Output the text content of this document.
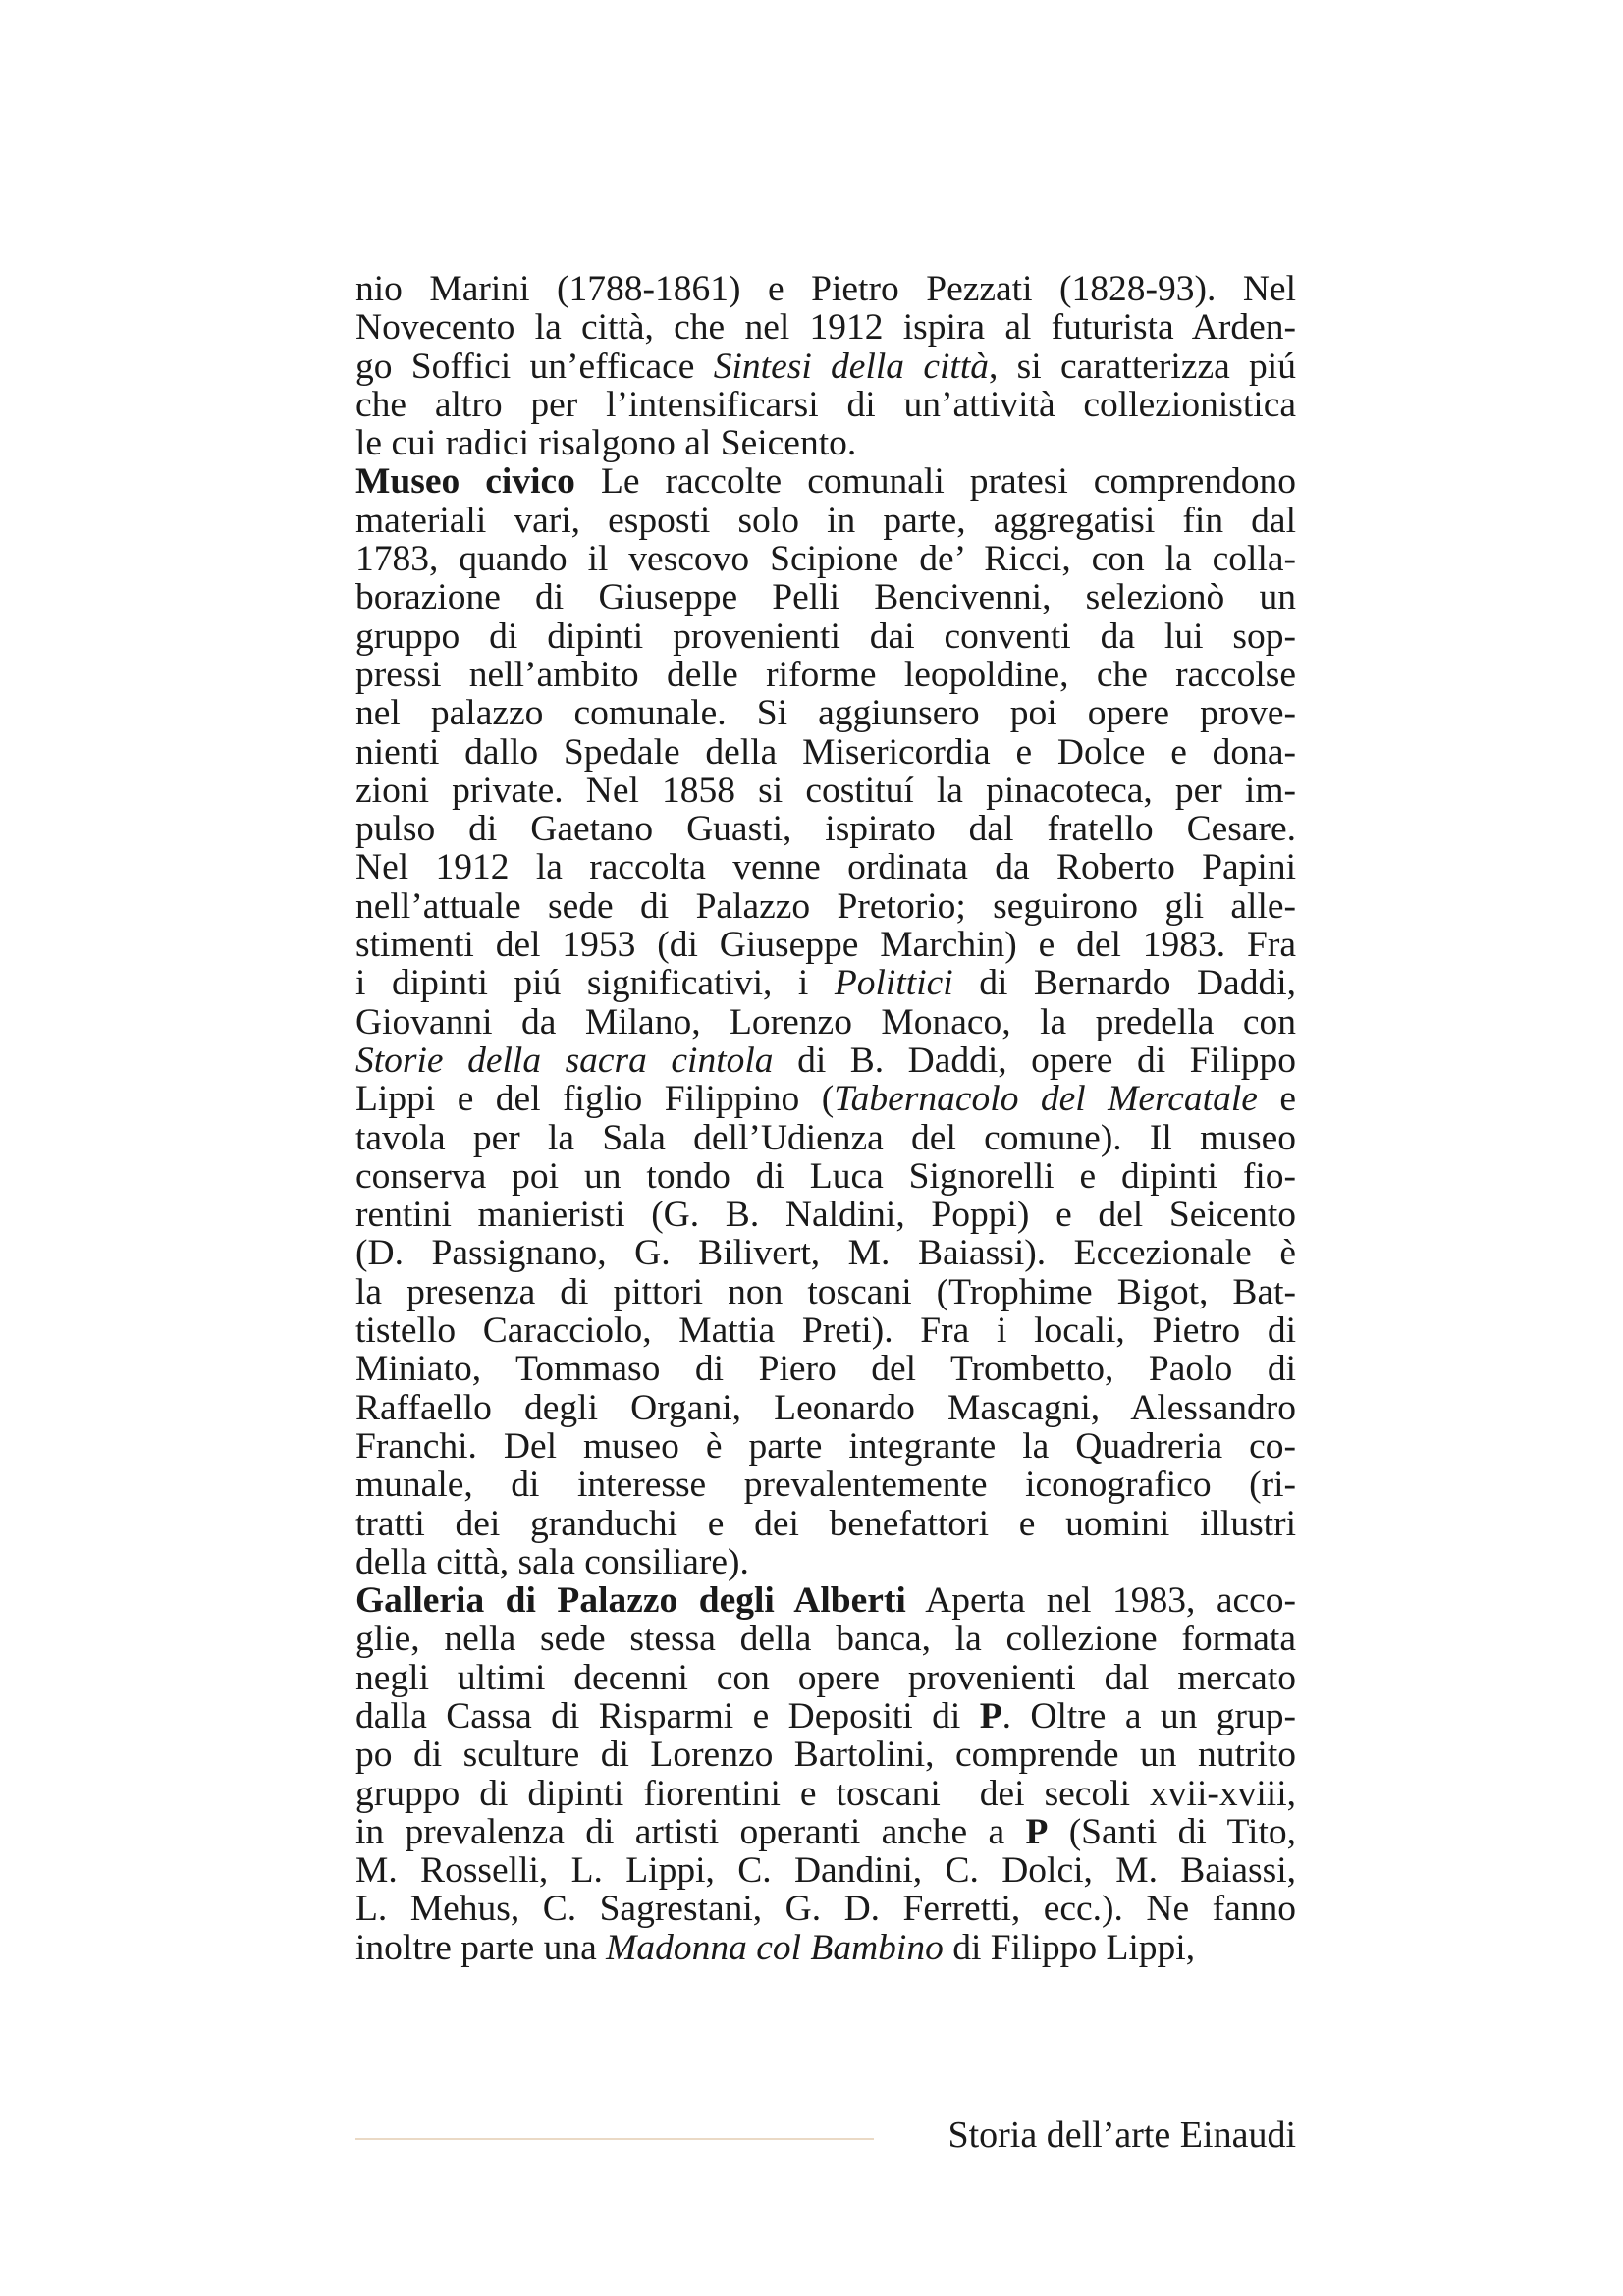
nio Marini (1788-1861) e Pietro Pezzati (1828-93). Nel
Novecento la città, che nel 1912 ispira al futurista Arden-
go Soffici un’efficace Sintesi della città, si caratterizza piú
che altro per l’intensificarsi di un’attività collezionistica
le cui radici risalgono al Seicento.
Museo civico Le raccolte comunali pratesi comprendono
materiali vari, esposti solo in parte, aggregatisi fin dal
1783, quando il vescovo Scipione de’ Ricci, con la colla-
borazione di Giuseppe Pelli Bencivenni, selezionò un
gruppo di dipinti provenienti dai conventi da lui sop-
pressi nell’ambito delle riforme leopoldine, che raccolse
nel palazzo comunale. Si aggiunsero poi opere prove-
nienti dallo Spedale della Misericordia e Dolce e dona-
zioni private. Nel 1858 si costituí la pinacoteca, per im-
pulso di Gaetano Guasti, ispirato dal fratello Cesare.
Nel 1912 la raccolta venne ordinata da Roberto Papini
nell’attuale sede di Palazzo Pretorio; seguirono gli alle-
stimenti del 1953 (di Giuseppe Marchin) e del 1983. Fra
i dipinti piú significativi, i Polittici di Bernardo Daddi,
Giovanni da Milano, Lorenzo Monaco, la predella con
Storie della sacra cintola di B. Daddi, opere di Filippo
Lippi e del figlio Filippino (Tabernacolo del Mercatale e
tavola per la Sala dell’Udienza del comune). Il museo
conserva poi un tondo di Luca Signorelli e dipinti fio-
rentini manieristi (G. B. Naldini, Poppi) e del Seicento
(D. Passignano, G. Bilivert, M. Baiassi). Eccezionale è
la presenza di pittori non toscani (Trophime Bigot, Bat-
tistello Caracciolo, Mattia Preti). Fra i locali, Pietro di
Miniato, Tommaso di Piero del Trombetto, Paolo di
Raffaello degli Organi, Leonardo Mascagni, Alessandro
Franchi. Del museo è parte integrante la Quadreria co-
munale, di interesse prevalentemente iconografico (ri-
tratti dei granduchi e dei benefattori e uomini illustri
della città, sala consiliare).
Galleria di Palazzo degli Alberti Aperta nel 1983, acco-
glie, nella sede stessa della banca, la collezione formata
negli ultimi decenni con opere provenienti dal mercato
dalla Cassa di Risparmi e Depositi di P. Oltre a un grup-
po di sculture di Lorenzo Bartolini, comprende un nutrito
gruppo di dipinti fiorentini e toscani  dei secoli xvii-xviii,
in prevalenza di artisti operanti anche a P (Santi di Tito,
M. Rosselli, L. Lippi, C. Dandini, C. Dolci, M. Baiassi,
L. Mehus, C. Sagrestani, G. D. Ferretti, ecc.). Ne fanno
inoltre parte una Madonna col Bambino di Filippo Lippi,
Storia dell’arte Einaudi
